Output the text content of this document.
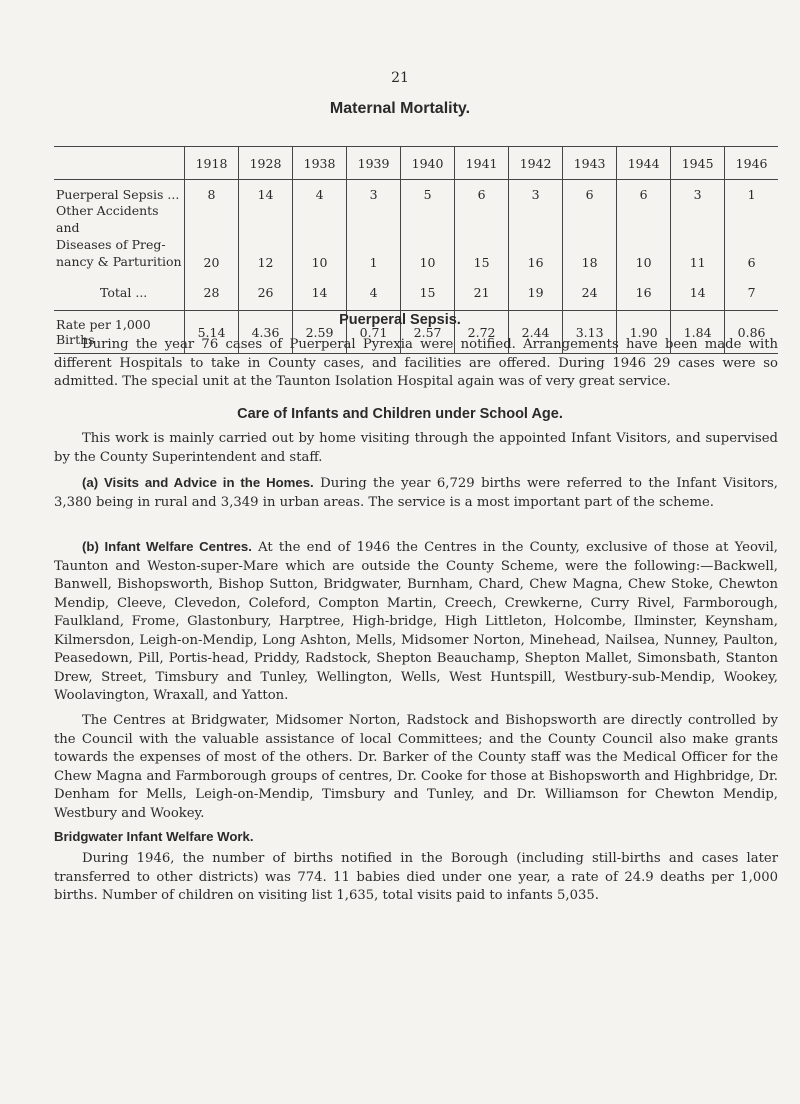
21
Maternal Mortality.
	1918	1928	1938	1939	1940	1941	1942	1943	1944	1945	1946
Puerperal Sepsis ...	8	14	4	3	5	6	3	6	6	3	1
Other Accidents and
Diseases of Preg-
nancy & Parturition	20	12	10	1	10	15	16	18	10	11	6
Total ...	28	26	14	4	15	21	19	24	16	14	7
Rate per 1,000 Births	5.14	4.36	2.59	0.71	2.57	2.72	2.44	3.13	1.90	1.84	0.86
Puerperal Sepsis.

During the year 76 cases of Puerperal Pyrexia were notified. Arrangements have been made with different Hospitals to take in County cases, and facilities are offered. During 1946 29 cases were so admitted. The special unit at the Taunton Isolation Hospital again was of very great service.

Care of Infants and Children under School Age.

This work is mainly carried out by home visiting through the appointed Infant Visitors, and supervised by the County Superintendent and staff.

(a) Visits and Advice in the Homes. During the year 6,729 births were referred to the Infant Visitors, 3,380 being in rural and 3,349 in urban areas. The service is a most important part of the scheme.

(b) Infant Welfare Centres. At the end of 1946 the Centres in the County, exclusive of those at Yeovil, Taunton and Weston-super-Mare which are outside the County Scheme, were the following:—Backwell, Banwell, Bishopsworth, Bishop Sutton, Bridgwater, Burnham, Chard, Chew Magna, Chew Stoke, Chewton Mendip, Cleeve, Clevedon, Coleford, Compton Martin, Creech, Crewkerne, Curry Rivel, Farmborough, Faulkland, Frome, Glastonbury, Harptree, High-bridge, High Littleton, Holcombe, Ilminster, Keynsham, Kilmersdon, Leigh-on-Mendip, Long Ashton, Mells, Midsomer Norton, Minehead, Nailsea, Nunney, Paulton, Peasedown, Pill, Portis-head, Priddy, Radstock, Shepton Beauchamp, Shepton Mallet, Simonsbath, Stanton Drew, Street, Timsbury and Tunley, Wellington, Wells, West Huntspill, Westbury-sub-Mendip, Wookey, Woolavington, Wraxall, and Yatton.

The Centres at Bridgwater, Midsomer Norton, Radstock and Bishopsworth are directly controlled by the Council with the valuable assistance of local Committees; and the County Council also make grants towards the expenses of most of the others. Dr. Barker of the County staff was the Medical Officer for the Chew Magna and Farmborough groups of centres, Dr. Cooke for those at Bishopsworth and Highbridge, Dr. Denham for Mells, Leigh-on-Mendip, Timsbury and Tunley, and Dr. Williamson for Chewton Mendip, Westbury and Wookey.

Bridgwater Infant Welfare Work.

During 1946, the number of births notified in the Borough (including still-births and cases later transferred to other districts) was 774. 11 babies died under one year, a rate of 24.9 deaths per 1,000 births. Number of children on visiting list 1,635, total visits paid to infants 5,035.
